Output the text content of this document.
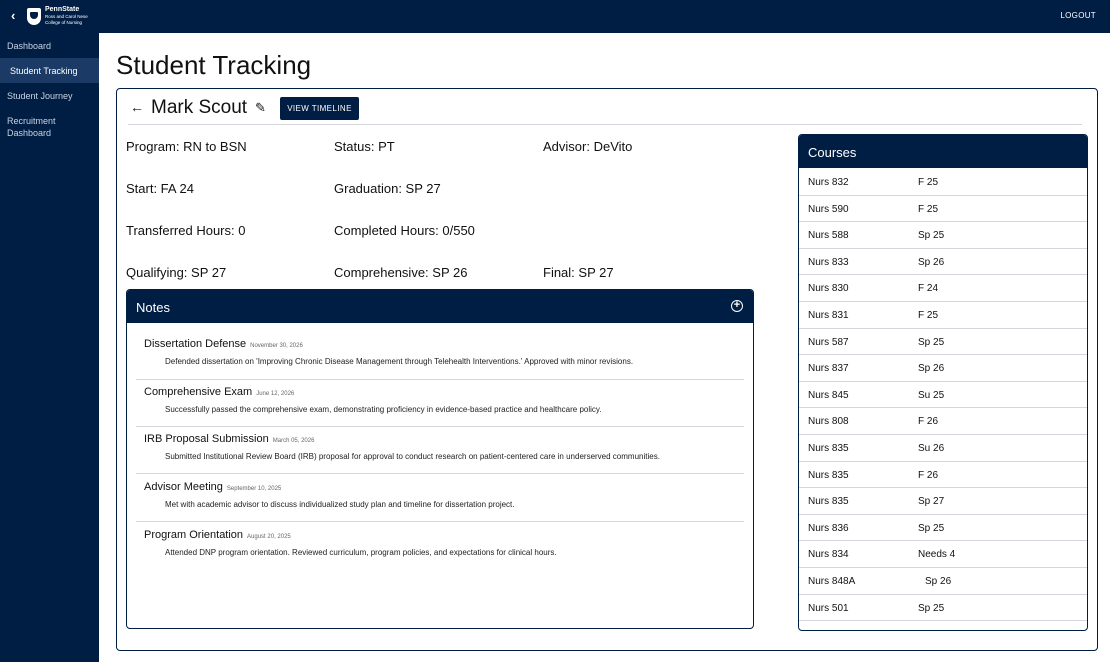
‹	PennState
Ross and Carol Nese
College of Nursing
LOGOUT
Dashboard
Student Tracking
Student Journey
Recruitment Dashboard
Student Tracking
← Mark Scout ✎	VIEW TIMELINE
Program: RN to BSN	Status: PT	Advisor: DeVito
Start: FA 24	Graduation: SP 27
Transferred Hours: 0	Completed Hours: 0/550
Qualifying: SP 27	Comprehensive: SP 26	Final: SP 27
Notes	+
Dissertation Defense November 30, 2026
Defended dissertation on 'Improving Chronic Disease Management through Telehealth Interventions.' Approved with minor revisions.
Comprehensive Exam June 12, 2026
Successfully passed the comprehensive exam, demonstrating proficiency in evidence-based practice and healthcare policy.
IRB Proposal Submission March 05, 2026
Submitted Institutional Review Board (IRB) proposal for approval to conduct research on patient-centered care in underserved communities.
Advisor Meeting September 10, 2025
Met with academic advisor to discuss individualized study plan and timeline for dissertation project.
Program Orientation August 20, 2025
Attended DNP program orientation. Reviewed curriculum, program policies, and expectations for clinical hours.
Courses
Nurs 832	F 25
Nurs 590	F 25
Nurs 588	Sp 25
Nurs 833	Sp 26
Nurs 830	F 24
Nurs 831	F 25
Nurs 587	Sp 25
Nurs 837	Sp 26
Nurs 845	Su 25
Nurs 808	F 26
Nurs 835	Su 26
Nurs 835	F 26
Nurs 835	Sp 27
Nurs 836	Sp 25
Nurs 834	Needs 4
Nurs 848A	Sp 26
Nurs 501	Sp 25
